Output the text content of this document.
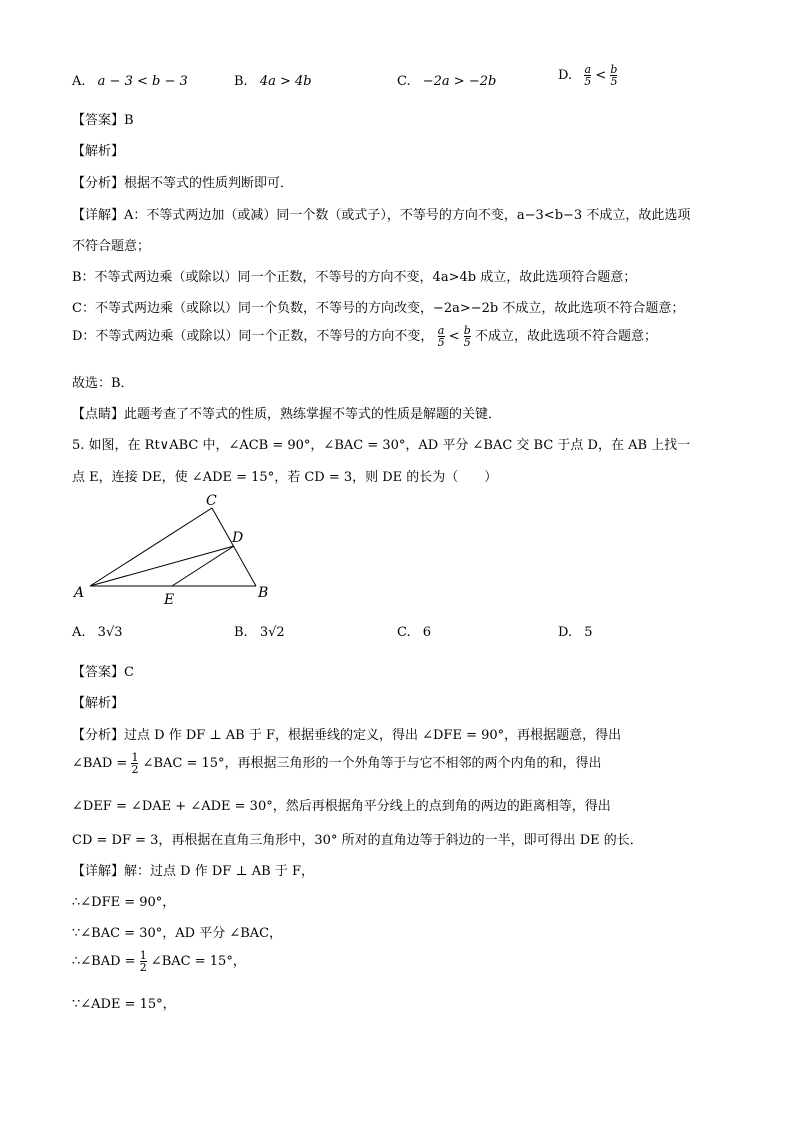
A. a − 3 < b − 3	B. 4a > 4b	C. −2a > −2b	D. $\frac{a}{5} < \frac{b}{5}$
【答案】B
【解析】
【分析】根据不等式的性质判断即可．
【详解】A：不等式两边加（或减）同一个数（或式子），不等号的方向不变，a−3<b−3 不成立，故此选项
不符合题意；
B：不等式两边乘（或除以）同一个正数，不等号的方向不变，4a>4b 成立，故此选项符合题意；
C：不等式两边乘（或除以）同一个负数，不等号的方向改变，−2a>−2b 不成立，故此选项不符合题意；
D：不等式两边乘（或除以）同一个正数，不等号的方向不变， $\frac{a}{5} < \frac{b}{5}$ 不成立，故此选项不符合题意；
故选：B．
【点睛】此题考查了不等式的性质，熟练掌握不等式的性质是解题的关键．
5. 如图，在 Rt∨ABC 中，∠ACB = 90°，∠BAC = 30°，AD 平分 ∠BAC 交 BC 于点 D，在 AB 上找一
点 E，连接 DE，使 ∠ADE = 15°，若 CD = 3，则 DE 的长为（　　）
C
D
A	E	B
A. 3√3	B. 3√2	C. 6	D. 5
【答案】C
【解析】
【分析】过点 D 作 DF ⊥ AB 于 F，根据垂线的定义，得出 ∠DFE = 90°，再根据题意，得出
∠BAD = $\frac{1}{2}$ ∠BAC = 15°，再根据三角形的一个外角等于与它不相邻的两个内角的和，得出
∠DEF = ∠DAE + ∠ADE = 30°，然后再根据角平分线上的点到角的两边的距离相等，得出
CD = DF = 3，再根据在直角三角形中，30° 所对的直角边等于斜边的一半，即可得出 DE 的长．
【详解】解：过点 D 作 DF ⊥ AB 于 F，
∴∠DFE = 90°，
∵∠BAC = 30°，AD 平分 ∠BAC，
∴∠BAD = $\frac{1}{2}$ ∠BAC = 15°，
∵∠ADE = 15°，
